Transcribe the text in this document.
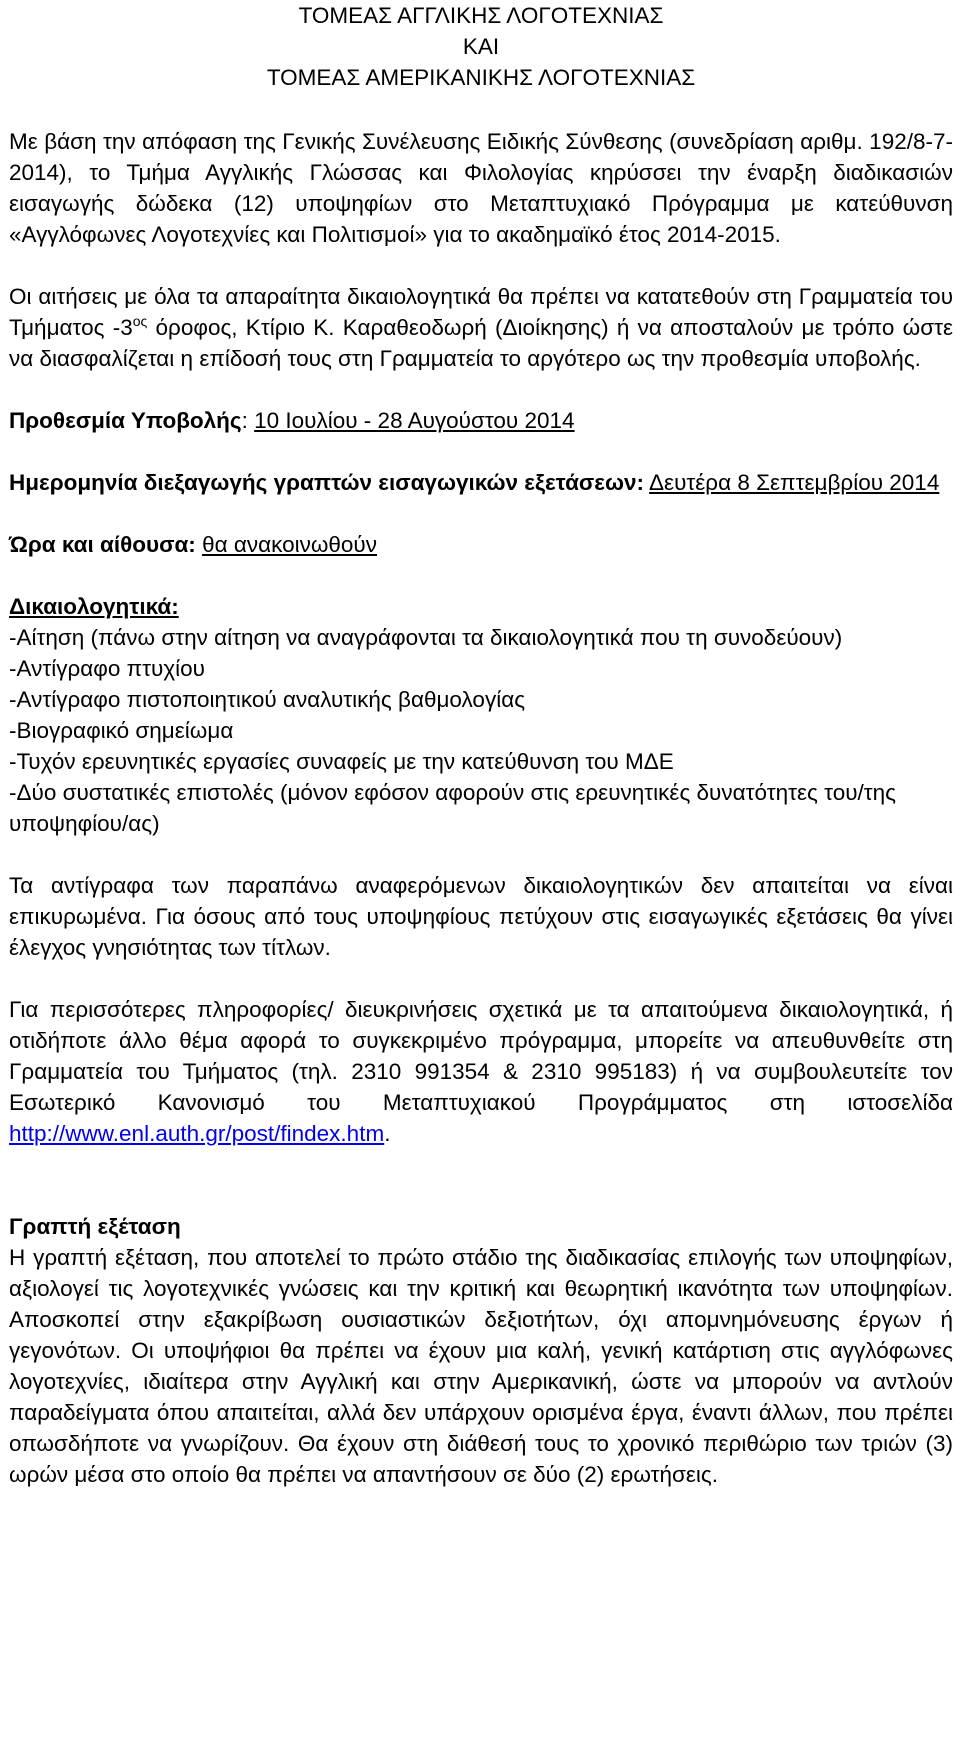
ΤΟΜΕΑΣ ΑΓΓΛΙΚΗΣ ΛΟΓΟΤΕΧΝΙΑΣ
ΚΑΙ
ΤΟΜΕΑΣ ΑΜΕΡΙΚΑΝΙΚΗΣ ΛΟΓΟΤΕΧΝΙΑΣ

Με βάση την απόφαση της Γενικής Συνέλευσης Ειδικής Σύνθεσης (συνεδρίαση αριθμ. 192/8-7-2014), το Τμήμα Αγγλικής Γλώσσας και Φιλολογίας κηρύσσει την έναρξη διαδικασιών εισαγωγής δώδεκα (12) υποψηφίων στο Μεταπτυχιακό Πρόγραμμα με κατεύθυνση «Αγγλόφωνες Λογοτεχνίες και Πολιτισμοί» για το ακαδημαϊκό έτος 2014-2015.

Οι αιτήσεις με όλα τα απαραίτητα δικαιολογητικά θα πρέπει να κατατεθούν στη Γραμματεία του Τμήματος $-3^{o\varsigma}$ όροφος, Κτίριο Κ. Καραθεοδωρή (Διοίκησης) ή να αποσταλούν με τρόπο ώστε να διασφαλίζεται η επίδοσή τους στη Γραμματεία το αργότερο ως την προθεσμία υποβολής.

Προθεσμία Υποβολής: 10 Ιουλίου - 28 Αυγούστου 2014

Ημερομηνία διεξαγωγής γραπτών εισαγωγικών εξετάσεων: Δευτέρα 8 Σεπτεμβρίου 2014

Ώρα και αίθουσα: θα ανακοινωθούν

Δικαιολογητικά:
-Αίτηση (πάνω στην αίτηση να αναγράφονται τα δικαιολογητικά που τη συνοδεύουν)
-Αντίγραφο πτυχίου
-Αντίγραφο πιστοποιητικού αναλυτικής βαθμολογίας
-Βιογραφικό σημείωμα
-Τυχόν ερευνητικές εργασίες συναφείς με την κατεύθυνση του ΜΔΕ
-Δύο συστατικές επιστολές (μόνον εφόσον αφορούν στις ερευνητικές δυνατότητες του/της υποψηφίου/ας)

Τα αντίγραφα των παραπάνω αναφερόμενων δικαιολογητικών δεν απαιτείται να είναι επικυρωμένα. Για όσους από τους υποψηφίους πετύχουν στις εισαγωγικές εξετάσεις θα γίνει έλεγχος γνησιότητας των τίτλων.

Για περισσότερες πληροφορίες/ διευκρινήσεις σχετικά με τα απαιτούμενα δικαιολογητικά, ή οτιδήποτε άλλο θέμα αφορά το συγκεκριμένο πρόγραμμα, μπορείτε να απευθυνθείτε στη Γραμματεία του Τμήματος (τηλ. 2310 991354 & 2310 995183) ή να συμβουλευτείτε τον Εσωτερικό Κανονισμό του Μεταπτυχιακού Προγράμματος στη ιστοσελίδα http://www.enl.auth.gr/post/findex.htm.

Γραπτή εξέταση

Η γραπτή εξέταση, που αποτελεί το πρώτο στάδιο της διαδικασίας επιλογής των υποψηφίων, αξιολογεί τις λογοτεχνικές γνώσεις και την κριτική και θεωρητική ικανότητα των υποψηφίων. Αποσκοπεί στην εξακρίβωση ουσιαστικών δεξιοτήτων, όχι απομνημόνευσης έργων ή γεγονότων. Οι υποψήφιοι θα πρέπει να έχουν μια καλή, γενική κατάρτιση στις αγγλόφωνες λογοτεχνίες, ιδιαίτερα στην Αγγλική και στην Αμερικανική, ώστε να μπορούν να αντλούν παραδείγματα όπου απαιτείται, αλλά δεν υπάρχουν ορισμένα έργα, έναντι άλλων, που πρέπει οπωσδήποτε να γνωρίζουν. Θα έχουν στη διάθεσή τους το χρονικό περιθώριο των τριών (3) ωρών μέσα στο οποίο θα πρέπει να απαντήσουν σε δύο (2) ερωτήσεις.
